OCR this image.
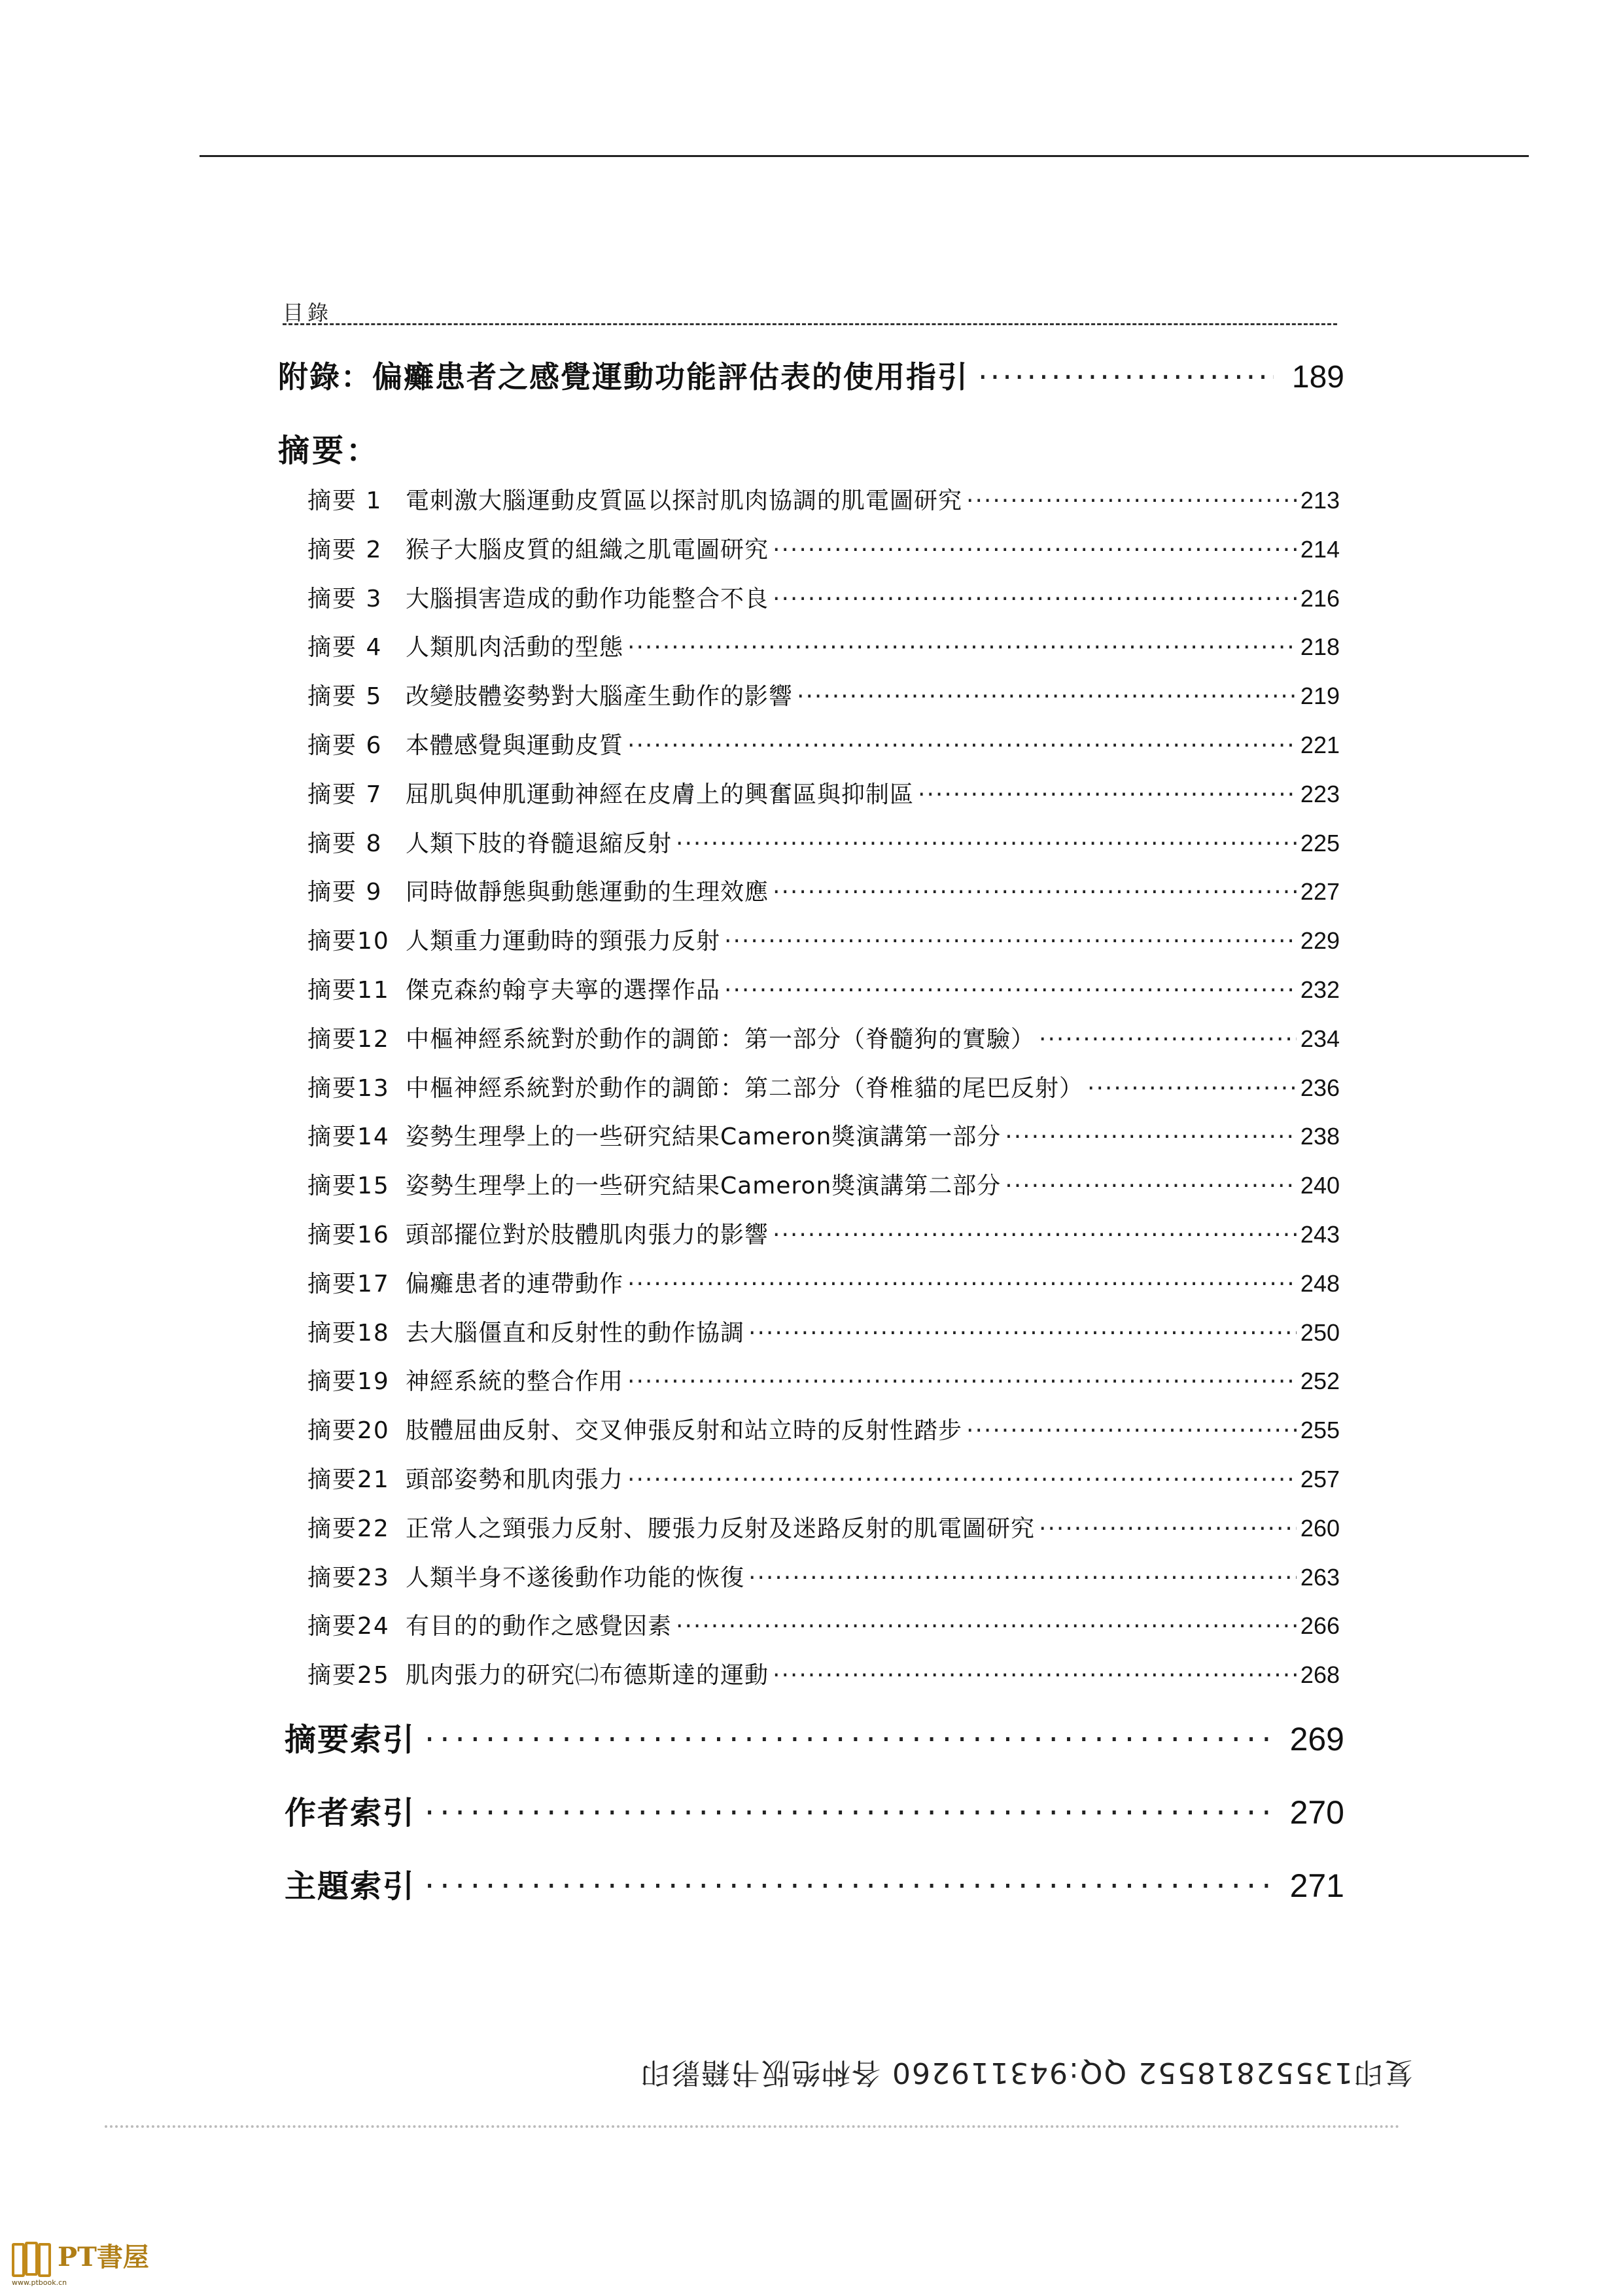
目錄
附錄：偏癱患者之感覺運動功能評估表的使用指引 ·····	189
摘要：
摘要 1 電刺激大腦運動皮質區以探討肌肉協調的肌電圖研究 ·····	213
摘要 2 猴子大腦皮質的組織之肌電圖研究 ·····	214
摘要 3 大腦損害造成的動作功能整合不良 ·····	216
摘要 4 人類肌肉活動的型態 ·····	218
摘要 5 改變肢體姿勢對大腦產生動作的影響 ·····	219
摘要 6 本體感覺與運動皮質 ·····	221
摘要 7 屈肌與伸肌運動神經在皮膚上的興奮區與抑制區 ·····	223
摘要 8 人類下肢的脊髓退縮反射 ·····	225
摘要 9 同時做靜態與動態運動的生理效應 ·····	227
摘要10 人類重力運動時的頸張力反射 ·····	229
摘要11 傑克森約翰亨夫寧的選擇作品 ·····	232
摘要12 中樞神經系統對於動作的調節：第一部分（脊髓狗的實驗） ·····	234
摘要13 中樞神經系統對於動作的調節：第二部分（脊椎貓的尾巴反射） ·····	236
摘要14 姿勢生理學上的一些研究結果Cameron獎演講第一部分 ·····	238
摘要15 姿勢生理學上的一些研究結果Cameron獎演講第二部分 ·····	240
摘要16 頭部擺位對於肢體肌肉張力的影響 ·····	243
摘要17 偏癱患者的連帶動作 ·····	248
摘要18 去大腦僵直和反射性的動作協調 ·····	250
摘要19 神經系統的整合作用 ·····	252
摘要20 肢體屈曲反射、交叉伸張反射和站立時的反射性踏步 ·····	255
摘要21 頭部姿勢和肌肉張力 ·····	257
摘要22 正常人之頸張力反射、腰張力反射及迷路反射的肌電圖研究 ·····	260
摘要23 人類半身不遂後動作功能的恢復 ·····	263
摘要24 有目的的動作之感覺因素 ·····	266
摘要25 肌肉張力的研究㈡布德斯達的運動 ·····	268
摘要索引 ·····	269
作者索引 ·····	270
主題索引 ·····	271
复印13552818552 QQ:943119260 各种绝版书籍影印
PT書屋
www.ptbook.cn
